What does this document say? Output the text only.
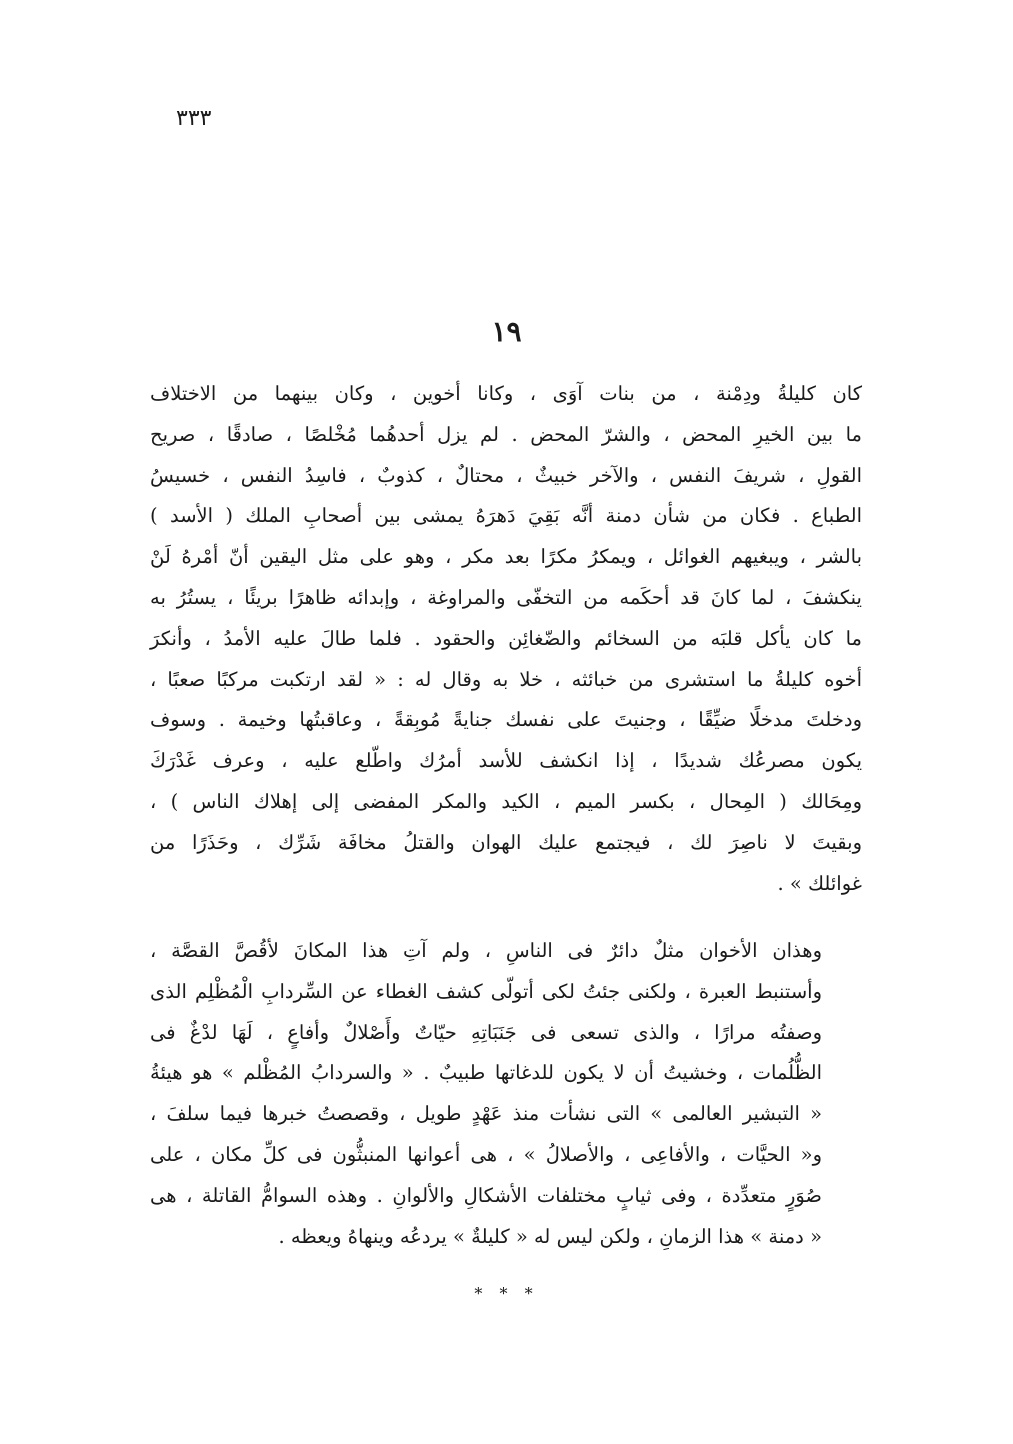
٣٣٣
١٩
كان كليلةُ ودِمْنة ، من بنات آوَى ، وكانا أخوين ، وكان بينهما من الاختلاف
ما بين الخيرِ المحض ، والشرّ المحض . لم يزل أحدهُما مُخْلصًا ، صادقًا ، صريح
القولِ ، شريفَ النفس ، والآخر خبيثٌ ، محتالٌ ، كذوبٌ ، فاسِدُ النفس ، خسيسُ
الطباع . فكان من شأن دمنة أنَّه بَقِيَ دَهرَهُ يمشى بين أصحابِ الملك ( الأسد )
بالشر ، ويبغيهم الغوائل ، ويمكرُ مكرًا بعد مكر ، وهو على مثل اليقين أنّ أمْرهُ لَنْ
ينكشفَ ، لما كانَ قد أحكَمه من التخفّى والمراوغة ، وإبدائه ظاهرًا بريئًا ، يستُرُ به
ما كان يأكل قلبَه من السخائم والضّغائِن والحقود . فلما طالَ عليه الأمدُ ، وأنكرَ
أخوه كليلةُ ما استشرى من خبائثه ، خلا به وقال له : « لقد ارتكبت مركبًا صعبًا ،
ودخلتَ مدخلًا ضيِّقًا ، وجنيتَ على نفسك جنايةً مُوبِقةً ، وعاقبتُها وخيمة . وسوف
يكون مصرعُك شديدًا ، إذا انكشف للأسد أمرُك واطّلع عليه ، وعرف غَدْرَكَ
ومِحَالك ( المِحال ، بكسر الميم ، الكيد والمكر المفضى إلى إهلاك الناس ) ،
وبقيتَ لا ناصِرَ لك ، فيجتمع عليك الهوان والقتلُ مخافَة شَرِّك ، وحَذَرًا من
غوائلك » .
وهذان الأخوان مثلٌ دائرٌ فى الناسِ ، ولم آتِ هذا المكانَ لأقُصَّ القصَّة ،
وأستنبط العبرة ، ولكنى جئتُ لكى أتولّى كشف الغطاء عن السِّردابِ الْمُظْلِم الذى
وصفتُه مرارًا ، والذى تسعى فى جَنَبَاتِهِ حيّاتٌ وأَصْلالٌ وأفاعٍ ، لَهَا لدْغٌ فى
الظُّلُمات ، وخشيتُ أن لا يكون للدغاتها طبيبٌ . « والسردابُ المُظْلم » هو هيئةُ
« التبشير العالمى » التى نشأت منذ عَهْدٍ طويل ، وقصصتُ خبرها فيما سلفَ ،
و« الحيَّات ، والأفاعِى ، والأصلالُ » ، هى أعوانها المنبثُّون فى كلِّ مكان ، على
صُوَرٍ متعدِّدة ، وفى ثيابٍ مختلفات الأشكالِ والألوانِ . وهذه السوامُّ القاتلة ، هى
« دمنة » هذا الزمانِ ، ولكن ليس له « كليلةٌ » يردعُه وينهاهُ ويعظه .
* * *
